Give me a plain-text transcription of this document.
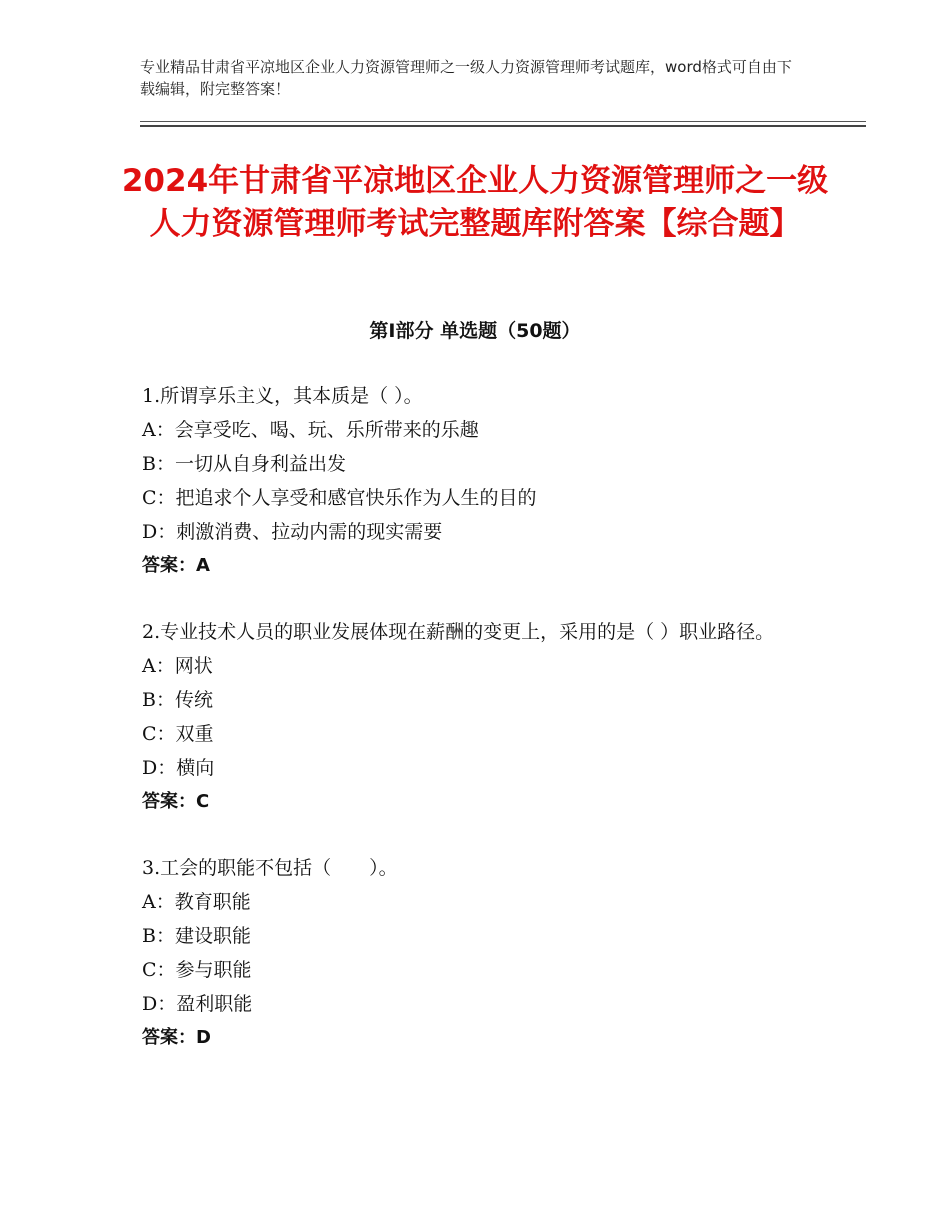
专业精品甘肃省平凉地区企业人力资源管理师之一级人力资源管理师考试题库，word格式可自由下载编辑，附完整答案！
2024年甘肃省平凉地区企业人力资源管理师之一级人力资源管理师考试完整题库附答案【综合题】
第Ⅰ部分 单选题（50题）

1.所谓享乐主义，其本质是（ ）。

A：会享受吃、喝、玩、乐所带来的乐趣

B：一切从自身利益出发

C：把追求个人享受和感官快乐作为人生的目的

D：刺激消费、拉动内需的现实需要

答案：A

2.专业技术人员的职业发展体现在薪酬的变更上，采用的是（ ）职业路径。

A：网状

B：传统

C：双重

D：横向

答案：C

3.工会的职能不包括（　　）。

A：教育职能

B：建设职能

C：参与职能

D：盈利职能

答案：D
